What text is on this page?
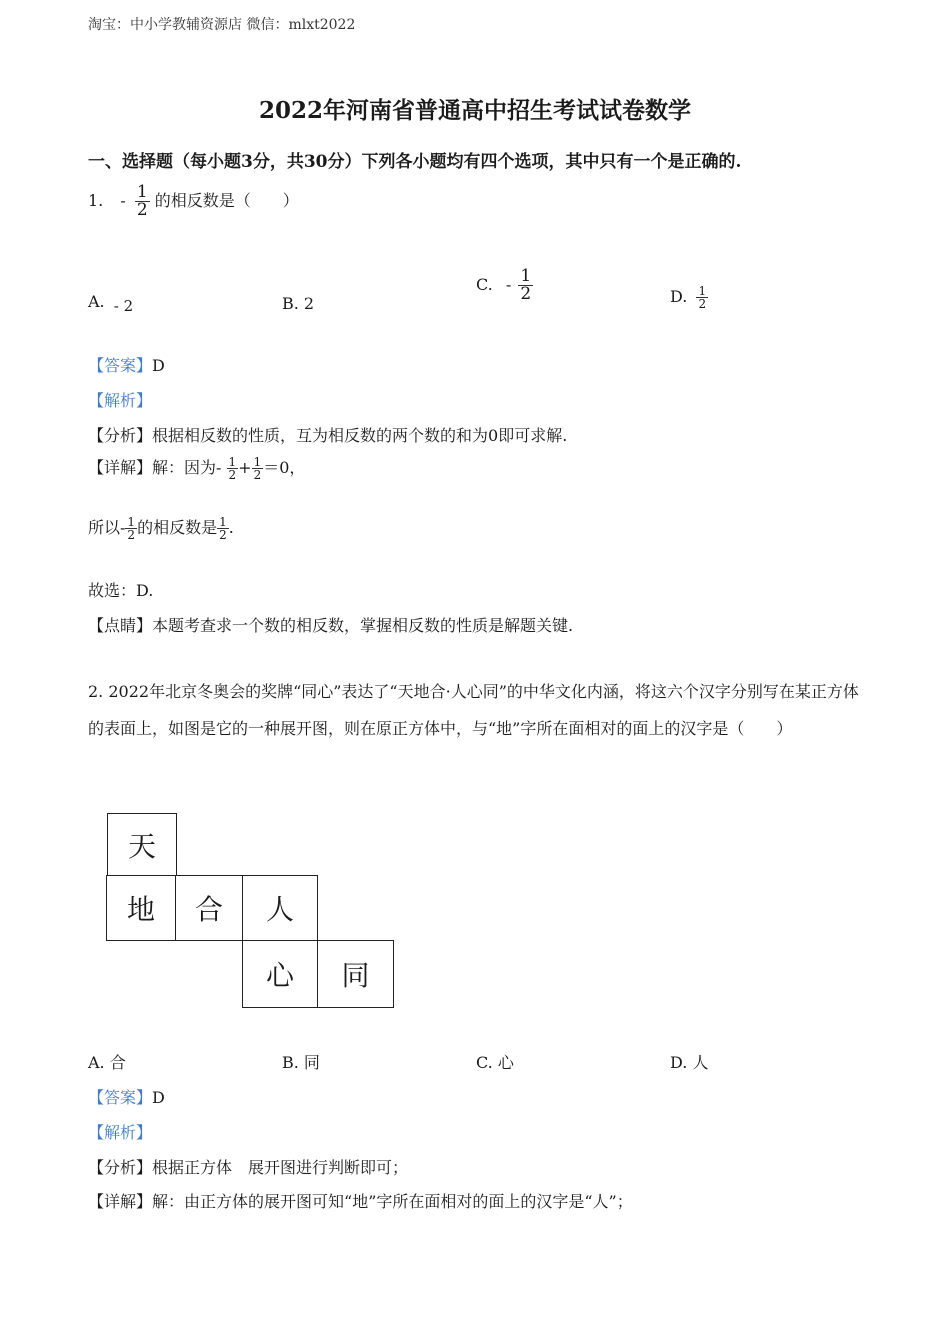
淘宝：中小学教辅资源店 微信：mlxt2022
2022年河南省普通高中招生考试试卷数学
一、选择题（每小题3分，共30分）下列各小题均有四个选项，其中只有一个是正确的.
1. - $\frac{1}{2}$ 的相反数是（　　）
A. - 2	B. 2
C. - $\frac{1}{2}$	D. $\frac{1}{2}$
【答案】D
【解析】
【分析】根据相反数的性质，互为相反数的两个数的和为0即可求解.
【详解】解：因为- $\frac{1}{2} + \frac{1}{2} =0$，
所以- $\frac{1}{2}$ 的相反数是 $\frac{1}{2}$ .
故选：D.
【点睛】本题考查求一个数的相反数，掌握相反数的性质是解题关键.
2. 2022年北京冬奥会的奖牌“同心”表达了“天地合·人心同”的中华文化内涵，将这六个汉字分别写在某正方体的表面上，如图是它的一种展开图，则在原正方体中，与“地”字所在面相对的面上的汉字是（　　）
天
地	合	人
心	同
A. 合	B. 同	C. 心	D. 人
【答案】D
【解析】
【分析】根据正方体　展开图进行判断即可；
【详解】解：由正方体的展开图可知“地”字所在面相对的面上的汉字是“人”；
